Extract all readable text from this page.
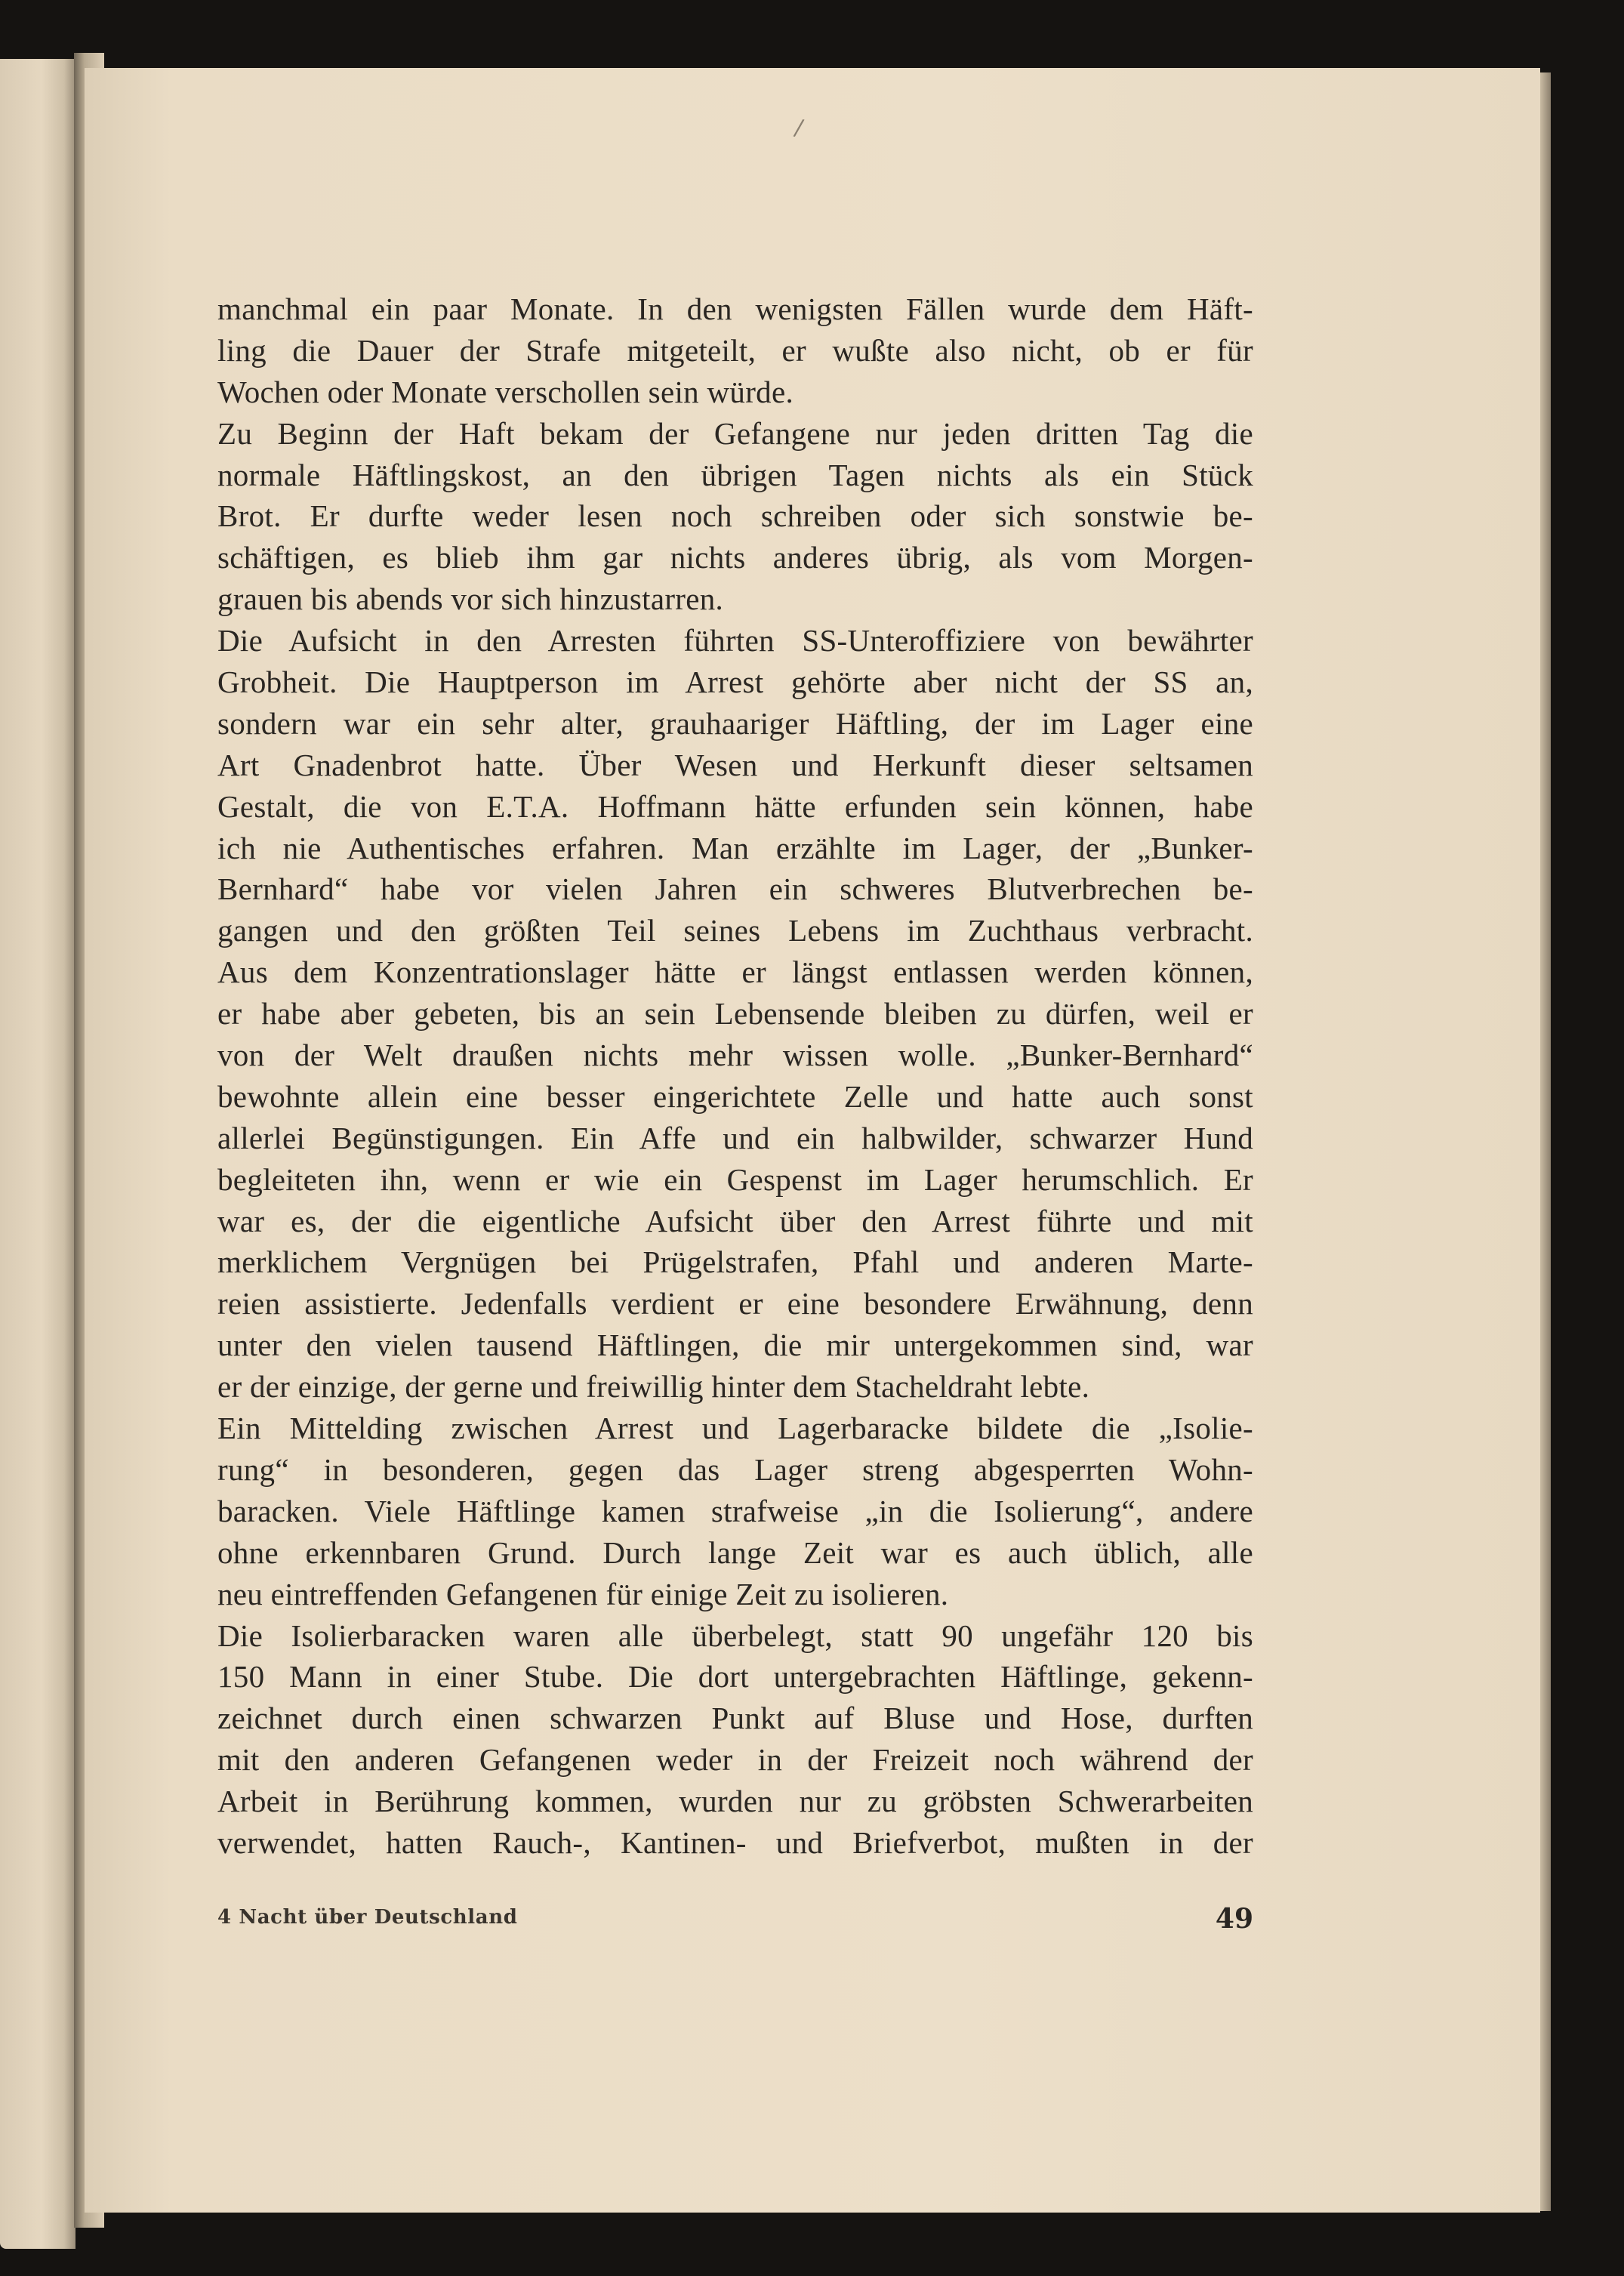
/
manchmal ein paar Monate. In den wenigsten Fällen wurde dem Häft-
ling die Dauer der Strafe mitgeteilt, er wußte also nicht, ob er für
Wochen oder Monate verschollen sein würde.
Zu Beginn der Haft bekam der Gefangene nur jeden dritten Tag die
normale Häftlingskost, an den übrigen Tagen nichts als ein Stück
Brot. Er durfte weder lesen noch schreiben oder sich sonstwie be-
schäftigen, es blieb ihm gar nichts anderes übrig, als vom Morgen-
grauen bis abends vor sich hinzustarren.
Die Aufsicht in den Arresten führten SS-Unteroffiziere von bewährter
Grobheit. Die Hauptperson im Arrest gehörte aber nicht der SS an,
sondern war ein sehr alter, grauhaariger Häftling, der im Lager eine
Art Gnadenbrot hatte. Über Wesen und Herkunft dieser seltsamen
Gestalt, die von E.T.A. Hoffmann hätte erfunden sein können, habe
ich nie Authentisches erfahren. Man erzählte im Lager, der „Bunker-
Bernhard“ habe vor vielen Jahren ein schweres Blutverbrechen be-
gangen und den größten Teil seines Lebens im Zuchthaus verbracht.
Aus dem Konzentrationslager hätte er längst entlassen werden können,
er habe aber gebeten, bis an sein Lebensende bleiben zu dürfen, weil er
von der Welt draußen nichts mehr wissen wolle. „Bunker-Bernhard“
bewohnte allein eine besser eingerichtete Zelle und hatte auch sonst
allerlei Begünstigungen. Ein Affe und ein halbwilder, schwarzer Hund
begleiteten ihn, wenn er wie ein Gespenst im Lager herumschlich. Er
war es, der die eigentliche Aufsicht über den Arrest führte und mit
merklichem Vergnügen bei Prügelstrafen, Pfahl und anderen Marte-
reien assistierte. Jedenfalls verdient er eine besondere Erwähnung, denn
unter den vielen tausend Häftlingen, die mir untergekommen sind, war
er der einzige, der gerne und freiwillig hinter dem Stacheldraht lebte.
Ein Mittelding zwischen Arrest und Lagerbaracke bildete die „Isolie-
rung“ in besonderen, gegen das Lager streng abgesperrten Wohn-
baracken. Viele Häftlinge kamen strafweise „in die Isolierung“, andere
ohne erkennbaren Grund. Durch lange Zeit war es auch üblich, alle
neu eintreffenden Gefangenen für einige Zeit zu isolieren.
Die Isolierbaracken waren alle überbelegt, statt 90 ungefähr 120 bis
150 Mann in einer Stube. Die dort untergebrachten Häftlinge, gekenn-
zeichnet durch einen schwarzen Punkt auf Bluse und Hose, durften
mit den anderen Gefangenen weder in der Freizeit noch während der
Arbeit in Berührung kommen, wurden nur zu gröbsten Schwerarbeiten
verwendet, hatten Rauch-, Kantinen- und Briefverbot, mußten in der
4 Nacht über Deutschland	49
